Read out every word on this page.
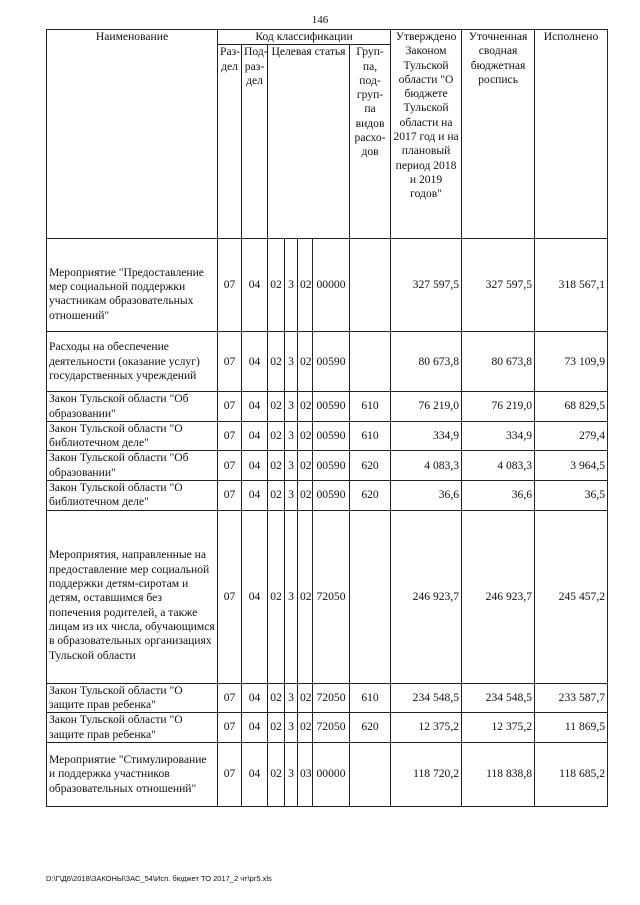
146
Наименование	Код классификации							Утверждено Законом Тульской области "О бюджете Тульской области на 2017 год и на плановый период 2018 и 2019 годов"	Уточненная сводная бюджетная роспись	Исполнено
	Раз-дел	Под-раз-дел	Целевая статья				Груп-па, под-груп-па видов расхо-дов			
Мероприятие "Предоставление мер социальной поддержки участникам образовательных отношений"	07	04	02	3	02	00000		327 597,5	327 597,5	318 567,1
Расходы на обеспечение деятельности (оказание услуг) государственных учреждений	07	04	02	3	02	00590		80 673,8	80 673,8	73 109,9
Закон Тульской области "Об образовании"	07	04	02	3	02	00590	610	76 219,0	76 219,0	68 829,5
Закон Тульской области "О библиотечном деле"	07	04	02	3	02	00590	610	334,9	334,9	279,4
Закон Тульской области "Об образовании"	07	04	02	3	02	00590	620	4 083,3	4 083,3	3 964,5
Закон Тульской области "О библиотечном деле"	07	04	02	3	02	00590	620	36,6	36,6	36,5
Мероприятия, направленные на предоставление мер социальной поддержки детям-сиротам и детям, оставшимся без попечения родителей, а также лицам из их числа, обучающимся в образовательных организациях Тульской области	07	04	02	3	02	72050		246 923,7	246 923,7	245 457,2
Закон Тульской области "О защите прав ребенка"	07	04	02	3	02	72050	610	234 548,5	234 548,5	233 587,7
Закон Тульской области "О защите прав ребенка"	07	04	02	3	02	72050	620	12 375,2	12 375,2	11 869,5
Мероприятие "Стимулирование и поддержка участников образовательных отношений"	07	04	02	3	03	00000		118 720,2	118 838,8	118 685,2
D:\Г\Д6\2018\ЗАКОНЫ\ЗАС_54\Исп. бюджет ТО 2017_2 чт\pr5.xls
